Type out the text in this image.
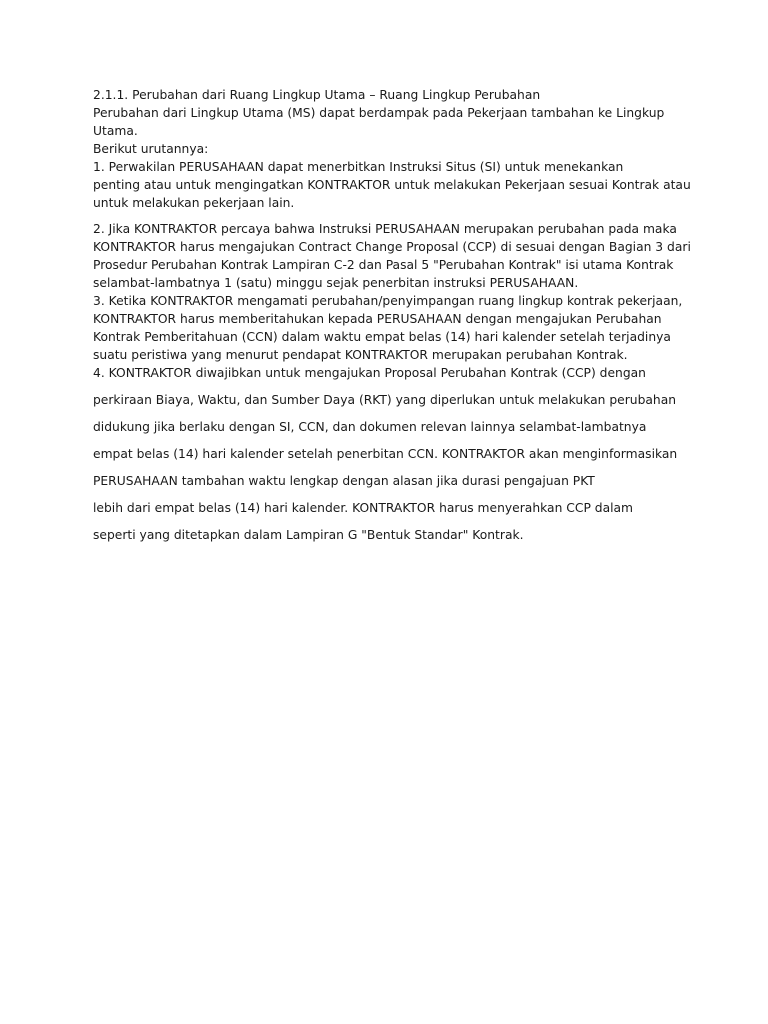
2.1.1. Perubahan dari Ruang Lingkup Utama – Ruang Lingkup Perubahan

Perubahan dari Lingkup Utama (MS) dapat berdampak pada Pekerjaan tambahan ke Lingkup Utama.

Berikut urutannya:

1. Perwakilan PERUSAHAAN dapat menerbitkan Instruksi Situs (SI) untuk menekankan

penting atau untuk mengingatkan KONTRAKTOR untuk melakukan Pekerjaan sesuai Kontrak atau untuk melakukan pekerjaan lain.

2. Jika KONTRAKTOR percaya bahwa Instruksi PERUSAHAAN merupakan perubahan pada maka KONTRAKTOR harus mengajukan Contract Change Proposal (CCP) di sesuai dengan Bagian 3 dari Prosedur Perubahan Kontrak Lampiran C-2 dan Pasal 5 "Perubahan Kontrak" isi utama Kontrak selambat-lambatnya 1 (satu) minggu sejak penerbitan instruksi PERUSAHAAN.

3. Ketika KONTRAKTOR mengamati perubahan/penyimpangan ruang lingkup kontrak pekerjaan, KONTRAKTOR harus memberitahukan kepada PERUSAHAAN dengan mengajukan Perubahan Kontrak Pemberitahuan (CCN) dalam waktu empat belas (14) hari kalender setelah terjadinya suatu peristiwa yang menurut pendapat KONTRAKTOR merupakan perubahan Kontrak.

4. KONTRAKTOR diwajibkan untuk mengajukan Proposal Perubahan Kontrak (CCP) dengan

perkiraan Biaya, Waktu, dan Sumber Daya (RKT) yang diperlukan untuk melakukan perubahan

didukung jika berlaku dengan SI, CCN, dan dokumen relevan lainnya selambat-lambatnya

empat belas (14) hari kalender setelah penerbitan CCN. KONTRAKTOR akan menginformasikan

PERUSAHAAN tambahan waktu lengkap dengan alasan jika durasi pengajuan PKT

lebih dari empat belas (14) hari kalender. KONTRAKTOR harus menyerahkan CCP dalam

seperti yang ditetapkan dalam Lampiran G "Bentuk Standar" Kontrak.
